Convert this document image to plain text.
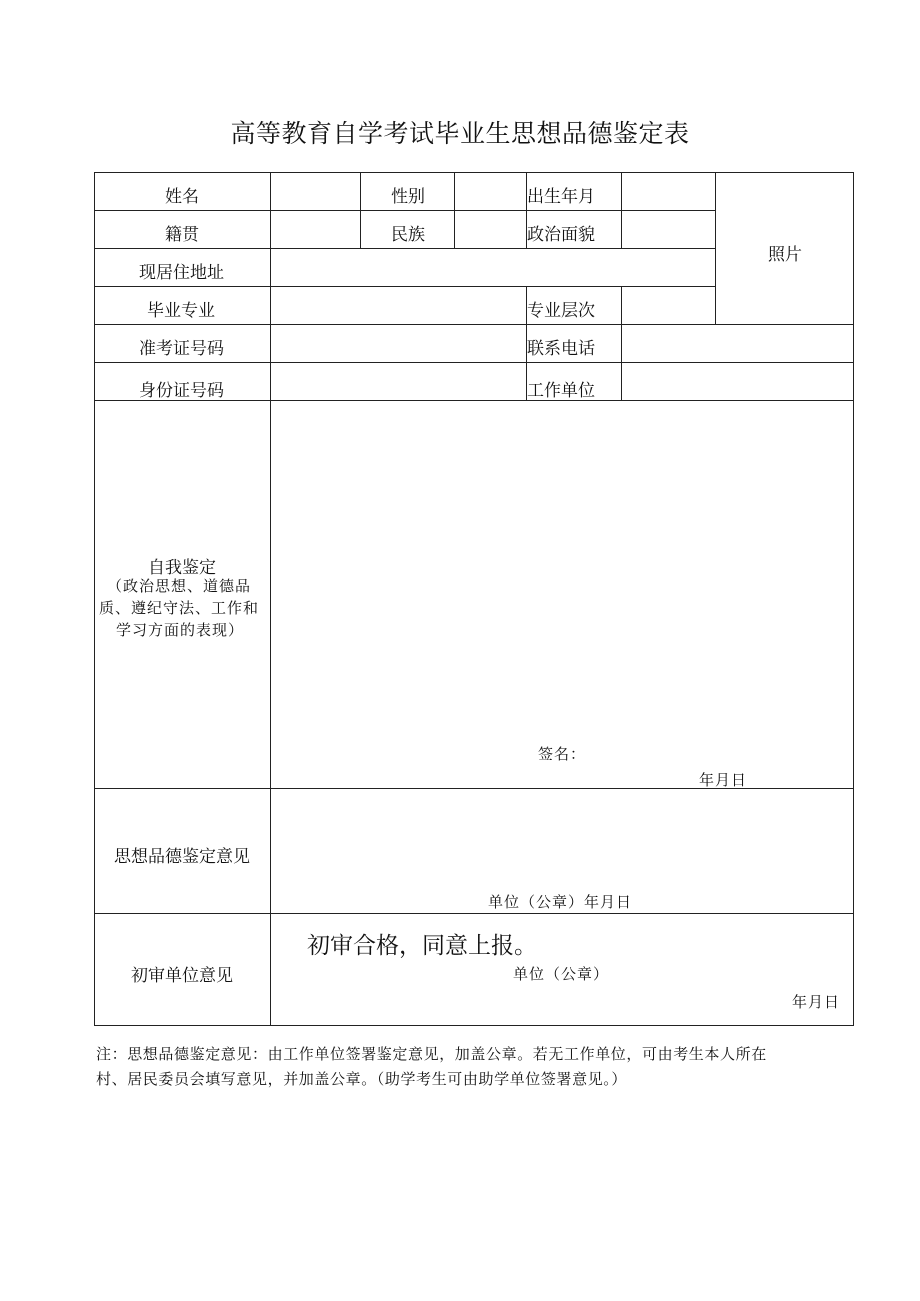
高等教育自学考试毕业生思想品德鉴定表
姓名	性别	出生年月
籍贯	民族	政治面貌
照片
现居住地址
毕业专业	专业层次
准考证号码	联系电话
身份证号码	工作单位
自我鉴定
（政治思想、道德品
质、遵纪守法、工作和
学习方面的表现）
签名：
年月日
思想品德鉴定意见
单位（公章）年月日
初审单位意见
初审合格，同意上报。
单位（公章）
年月日
注：思想品德鉴定意见：由工作单位签署鉴定意见，加盖公章。若无工作单位，可由考生本人所在
村、居民委员会填写意见，并加盖公章。（助学考生可由助学单位签署意见。）
